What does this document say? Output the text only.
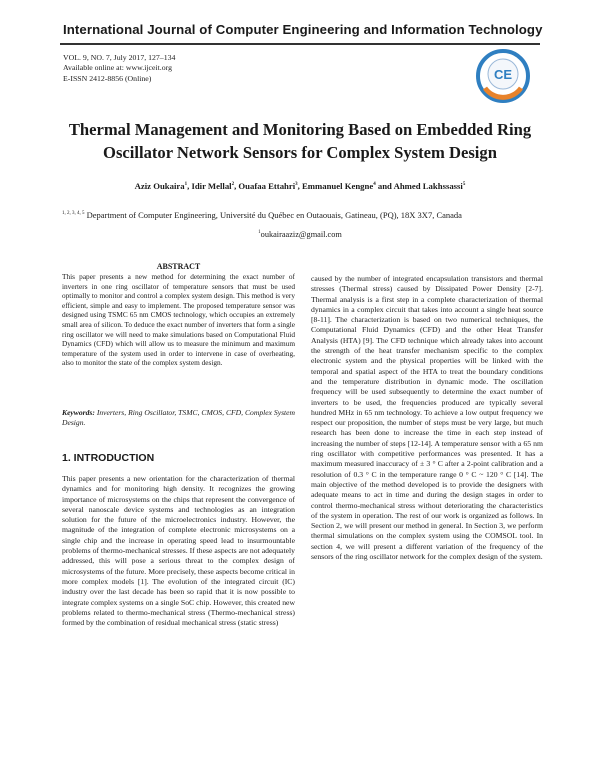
International Journal of Computer Engineering and Information Technology
VOL. 9, NO. 7, July 2017, 127–134
Available online at: www.ijceit.org
E-ISSN 2412-8856 (Online)	CE
Thermal Management and Monitoring Based on Embedded Ring
Oscillator Network Sensors for Complex System Design
Aziz Oukaira$^1$, Idir Mellal$^2$, Ouafaa Ettahri$^3$, Emmanuel Kengne$^4$ and Ahmed Lakhssassi$^5$
$^{1, 2, 3, 4, 5}$ Department of Computer Engineering, Université du Québec en Outaouais, Gatineau, (PQ), 18X 3X7, Canada
$^1$oukairaaziz@gmail.com
ABSTRACT
This paper presents a new method for determining the exact number of inverters in one ring oscillator of temperature sensors that must be used optimally to monitor and control a complex system design. This method is very efficient, simple and easy to implement. The proposed temperature sensor was designed using TSMC 65 nm CMOS technology, which occupies an extremely small area of silicon. To deduce the exact number of inverters that form a single ring oscillator we will need to make simulations based on Computational Fluid Dynamics (CFD) which will allow us to measure the minimum and maximum temperature of the system used in order to intervene in case of overheating, also to monitor the state of the complex system design.
Keywords: Inverters, Ring Oscillator, TSMC, CMOS, CFD, Complex System Design.
1. INTRODUCTION
This paper presents a new orientation for the characterization of thermal dynamics and for monitoring high density. It recognizes the growing importance of microsystems on the chips that represent the convergence of several nanoscale device systems and technologies as an integration solution for the future of the microelectronics industry. However, the magnitude of the integration of complete electronic microsystems on a single chip and the increase in operating speed lead to insurmountable problems of thermo-mechanical stresses. If these aspects are not adequately addressed, this will pose a serious threat to the complex design of microsystems of the future. More precisely, these aspects become critical in more complex models [1]. The evolution of the integrated circuit (IC) industry over the last decade has been so rapid that it is now possible to integrate complex systems on a single SoC chip. However, this created new problems related to thermo-mechanical stress (Thermo-mechanical stress) formed by the combination of residual mechanical stress (static stress)
caused by the number of integrated encapsulation transistors and thermal stresses (Thermal stress) caused by Dissipated Power Density [2-7]. Thermal analysis is a first step in a complete characterization of thermal dynamics in a complex circuit that takes into account a single heat source [8-11]. The characterization is based on two numerical techniques, the Computational Fluid Dynamics (CFD) and the other Heat Transfer Analysis (HTA) [9]. The CFD technique which already takes into account the strength of the heat transfer mechanism specific to the complex electronic system and the physical properties will be linked with the temporal and spatial aspect of the HTA to treat the boundary conditions and the temperature distribution in dynamic mode. The oscillation frequency will be used subsequently to determine the exact number of inverters to be used, the frequencies produced are typically several hundred MHz in 65 nm technology. To achieve a low output frequency we respect our proposition, the number of steps must be very large, but much research has been done to increase the time in each step instead of increasing the number of steps [12-14]. A temperature sensor with a 65 nm ring oscillator with competitive performances was presented. It has a maximum measured inaccuracy of ± 3 ° C after a 2-point calibration and a resolution of 0.3 ° C in the temperature range 0 ° C ~ 120 ° C [14]. The main objective of the method developed is to provide the designers with adequate means to act in time and during the design stages in order to control thermo-mechanical stress without deteriorating the characteristics of the system in operation. The rest of our work is organized as follows. In Section 2, we will present our method in general. In Section 3, we perform thermal simulations on the complex system using the COMSOL tool. In section 4, we will present a different variation of the frequency of the sensors of the ring oscillator network for the complex design of the system.
